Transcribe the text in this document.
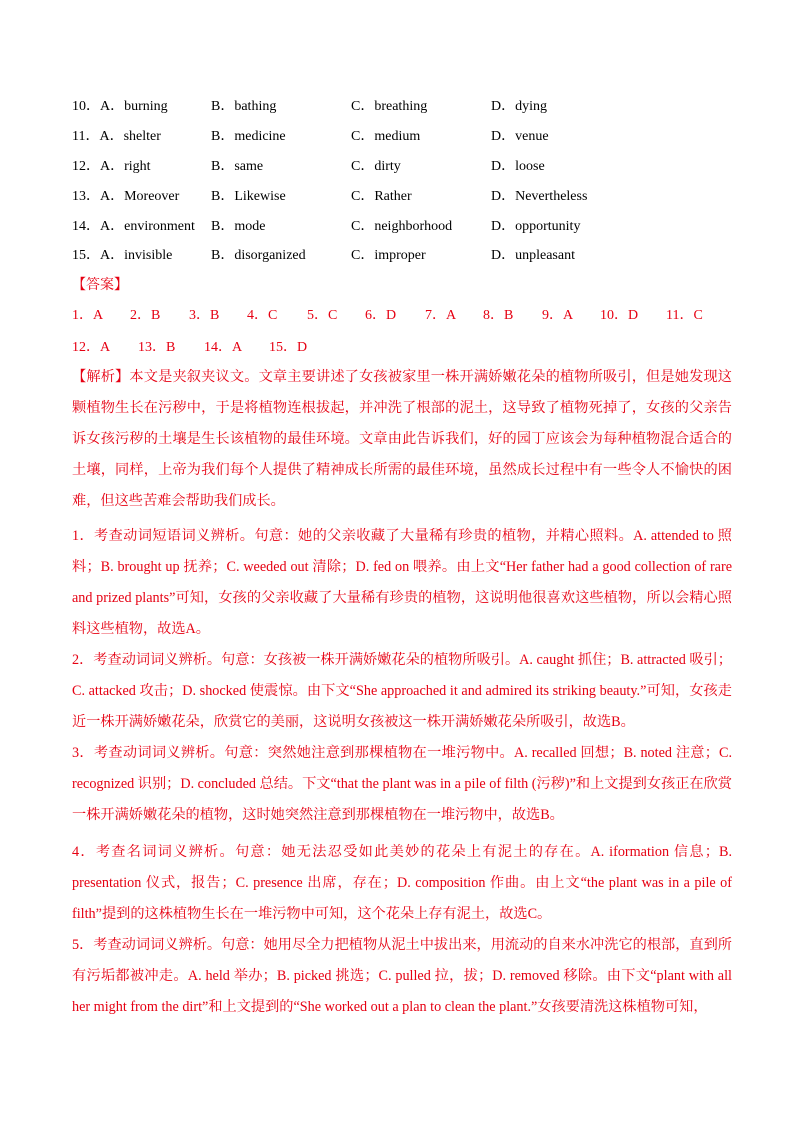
10．A．burning	B．bathing	C．breathing	D．dying
11．A．shelter	B．medicine	C．medium	D．venue
12．A．right	B．same	C．dirty	D．loose
13．A．Moreover B．Likewise	C．Rather	D．Nevertheless
14．A．environment B．mode	C．neighborhood	D．opportunity
15．A．invisible	B．disorganized	C．improper	D．unpleasant
【答案】
1．A 2．B 3．B 4．C 5．C 6．D 7．A 8．B 9．A 10．D 11．C
12．A 13．B 14．A 15．D
【解析】本文是夹叙夹议文。文章主要讲述了女孩被家里一株开满娇嫩花朵的植物所吸引，但是她发现这颗植物生长在污秽中，于是将植物连根拔起，并冲洗了根部的泥土，这导致了植物死掉了，女孩的父亲告诉女孩污秽的土壤是生长该植物的最佳环境。文章由此告诉我们，好的园丁应该会为每种植物混合适合的土壤，同样，上帝为我们每个人提供了精神成长所需的最佳环境，虽然成长过程中有一些令人不愉快的困难，但这些苦难会帮助我们成长。
1．考查动词短语词义辨析。句意：她的父亲收藏了大量稀有珍贵的植物，并精心照料。A. attended to 照料；B. brought up 抚养；C. weeded out 清除；D. fed on 喂养。由上文“Her father had a good collection of rare and prized plants”可知，女孩的父亲收藏了大量稀有珍贵的植物，这说明他很喜欢这些植物，所以会精心照料这些植物，故选A。
2．考查动词词义辨析。句意：女孩被一株开满娇嫩花朵的植物所吸引。A. caught 抓住；B. attracted 吸引；C. attacked 攻击；D. shocked 使震惊。由下文“She approached it and admired its striking beauty.”可知，女孩走近一株开满娇嫩花朵，欣赏它的美丽，这说明女孩被这一株开满娇嫩花朵所吸引，故选B。
3．考查动词词义辨析。句意：突然她注意到那棵植物在一堆污物中。A. recalled 回想；B. noted 注意；C. recognized 识别；D. concluded 总结。下文“that the plant was in a pile of filth (污秽)”和上文提到女孩正在欣赏一株开满娇嫩花朵的植物，这时她突然注意到那棵植物在一堆污物中，故选B。
4．考查名词词义辨析。句意：她无法忍受如此美妙的花朵上有泥土的存在。A. iformation 信息；B. presentation 仪式，报告；C. presence 出席，存在；D. composition 作曲。由上文“the plant was in a pile of filth”提到的这株植物生长在一堆污物中可知，这个花朵上存有泥土，故选C。
5．考查动词词义辨析。句意：她用尽全力把植物从泥土中拔出来，用流动的自来水冲洗它的根部，直到所有污垢都被冲走。A. held 举办；B. picked 挑选；C. pulled 拉，拔；D. removed 移除。由下文“plant with all her might from the dirt”和上文提到的“She worked out a plan to clean the plant.”女孩要清洗这株植物可知，
